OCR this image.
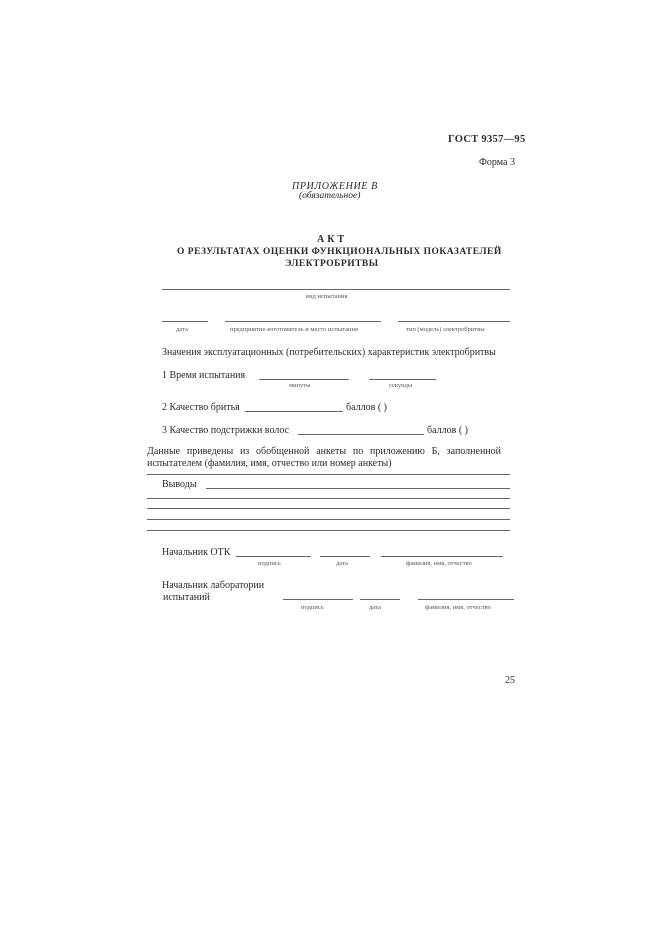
ГОСТ 9357—95
Форма 3
ПРИЛОЖЕНИЕ В
(обязательное)
АКТ
О РЕЗУЛЬТАТАХ ОЦЕНКИ ФУНКЦИОНАЛЬНЫХ ПОКАЗАТЕЛЕЙ
ЭЛЕКТРОБРИТВЫ
вид испытания
дата	предприятие-изготовитель и место испытания	тип (модель) электробритвы
Значения эксплуатационных (потребительских) характеристик электробритвы
1 Время испытания
минуты	секунды
2 Качество бритья	баллов ( )
3 Качество подстрижки волос	баллов ( )
Данные приведены из обобщенной анкеты по приложению Б, заполненной испытателем (фамилия, имя, отчество или номер анкеты)
Выводы
Начальник ОТК
подпись	дата	фамилия, имя, отчество
Начальник лаборатории
испытаний
подпись	дата	фамилия, имя, отчество
25
